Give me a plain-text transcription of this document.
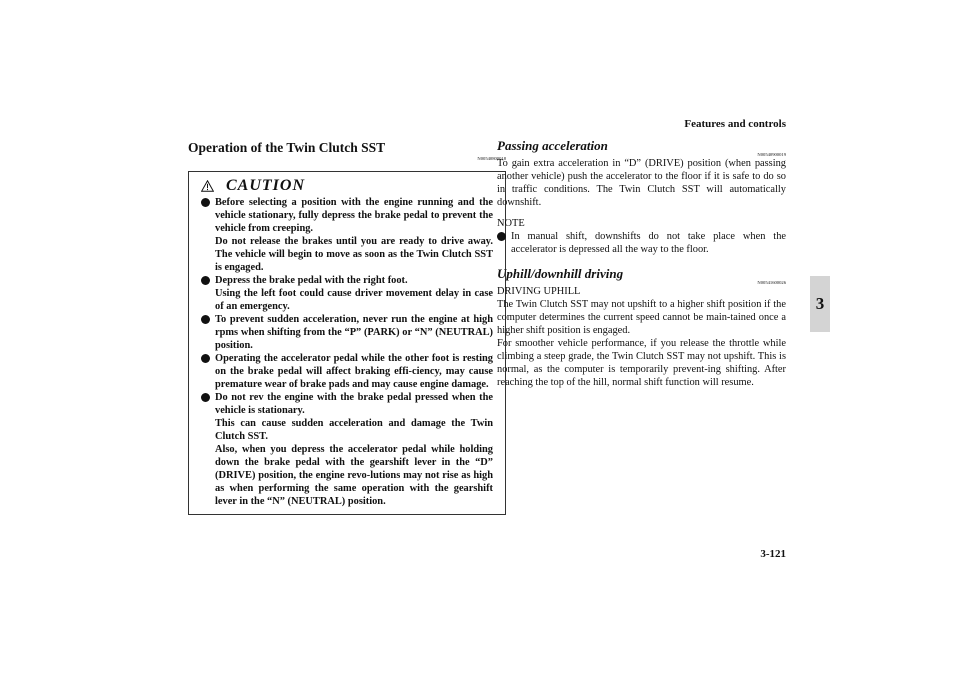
Features and controls
3
Operation of the Twin Clutch SST
N00540800018
CAUTION
Before selecting a position with the engine running and the vehicle stationary, fully depress the brake pedal to prevent the vehicle from creeping.
Do not release the brakes until you are ready to drive away. The vehicle will begin to move as soon as the Twin Clutch SST is engaged.
Depress the brake pedal with the right foot.
Using the left foot could cause driver movement delay in case of an emergency.
To prevent sudden acceleration, never run the engine at high rpms when shifting from the “P” (PARK) or “N” (NEUTRAL) position.
Operating the accelerator pedal while the other foot is resting on the brake pedal will affect braking effi-ciency, may cause premature wear of brake pads and may cause engine damage.
Do not rev the engine with the brake pedal pressed when the vehicle is stationary.
This can cause sudden acceleration and damage the Twin Clutch SST.
Also, when you depress the accelerator pedal while holding down the brake pedal with the gearshift lever in the “D” (DRIVE) position, the engine revo-lutions may not rise as high as when performing the same operation with the gearshift lever in the “N” (NEUTRAL) position.
Passing acceleration
N00540900019

To gain extra acceleration in “D” (DRIVE) position (when passing another vehicle) push the accelerator to the floor if it is safe to do so in traffic conditions. The Twin Clutch SST will automatically downshift.

NOTE
In manual shift, downshifts do not take place when the accelerator is depressed all the way to the floor.
Uphill/downhill driving
N00541600026
DRIVING UPHILL

The Twin Clutch SST may not upshift to a higher shift position if the computer determines the current speed cannot be main-tained once a higher shift position is engaged.

For smoother vehicle performance, if you release the throttle while climbing a steep grade, the Twin Clutch SST may not upshift. This is normal, as the computer is temporarily prevent-ing shifting. After reaching the top of the hill, normal shift function will resume.

3-121
